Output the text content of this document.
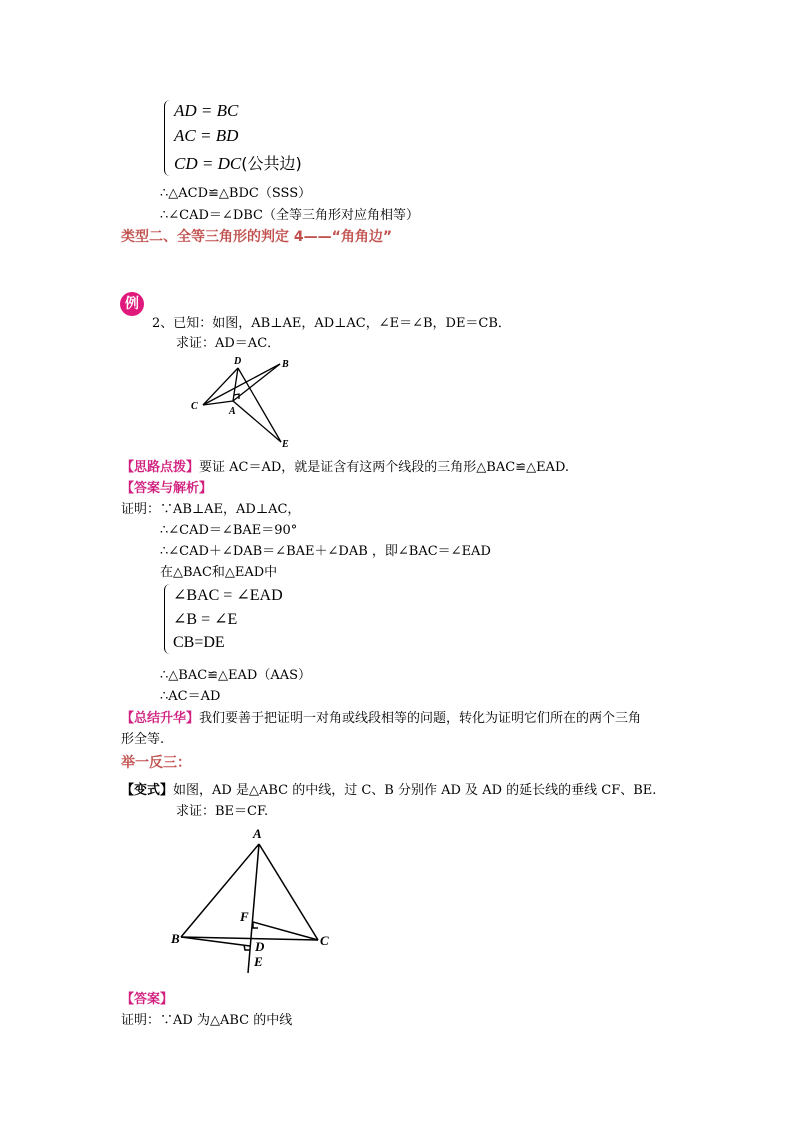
AD = BC
AC = BD
CD = DC(公共边)
∴△ACD≌△BDC（SSS）
∴∠CAD＝∠DBC（全等三角形对应角相等）
类型二、全等三角形的判定 4——“角角边”
例
2、已知：如图，AB⊥AE，AD⊥AC，∠E＝∠B，DE＝CB．
求证：AD＝AC．
D	B
C	A
E
【思路点拨】要证 AC＝AD，就是证含有这两个线段的三角形△BAC≌△EAD.
【答案与解析】
证明：∵AB⊥AE，AD⊥AC，
∴∠CAD＝∠BAE＝90°
∴∠CAD＋∠DAB＝∠BAE＋∠DAB ，即∠BAC＝∠EAD
在△BAC和△EAD中
∠BAC = ∠EAD
∠B = ∠E
CB=DE
∴△BAC≌△EAD（AAS）
∴AC＝AD
【总结升华】我们要善于把证明一对角或线段相等的问题，转化为证明它们所在的两个三角
形全等.
举一反三：
【变式】如图，AD 是△ABC 的中线，过 C、B 分别作 AD 及 AD 的延长线的垂线 CF、BE.
求证：BE＝CF.
A
F
B
D	C
E
【答案】
证明：∵AD 为△ABC 的中线
